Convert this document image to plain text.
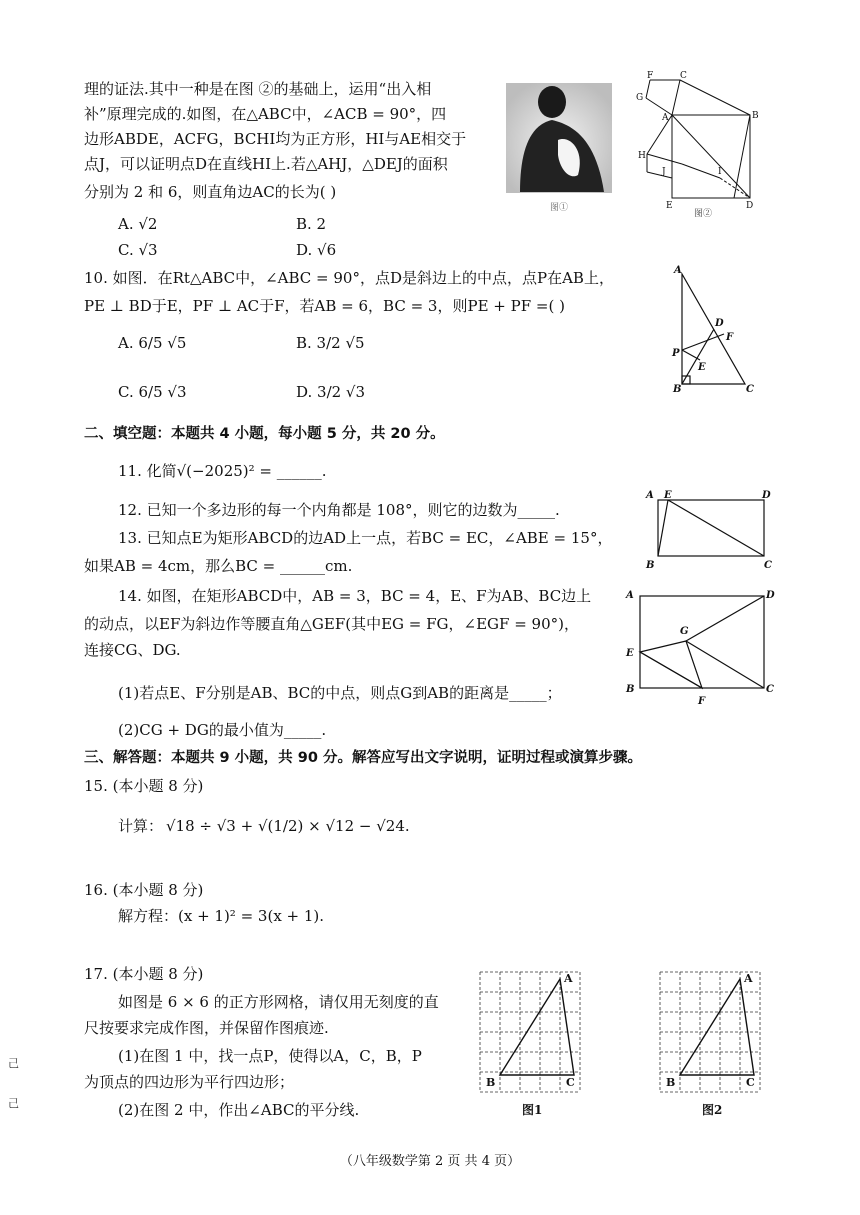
理的证法.其中一种是在图 ②的基础上，运用“出入相
补”原理完成的.如图，在△ABC中，∠ACB = 90°，四
边形ABDE，ACFG，BCHI均为正方形，HI与AE相交于
点J，可以证明点D在直线HI上.若△AHJ，△DEJ的面积
分别为 2 和 6，则直角边AC的长为( )
A. √2	B. 2
C. √3	D. √6
图①
F	C
G
A	B
H
J	I
E	D
图②
10. 如图．在Rt△ABC中，∠ABC = 90°，点D是斜边上的中点，点P在AB上，
PE ⊥ BD于E，PF ⊥ AC于F，若AB = 6，BC = 3，则PE + PF =( )
A. 6/5 √5	B. 3/2 √5
C. 6/5 √3	D. 3/2 √3
A
D
F
P
E
B	C
二、填空题：本题共 4 小题，每小题 5 分，共 20 分。
11. 化简√(−2025)² = ______.
12. 已知一个多边形的每一个内角都是 108°，则它的边数为_____.
13. 已知点E为矩形ABCD的边AD上一点，若BC = EC，∠ABE = 15°，
如果AB = 4cm，那么BC = ______cm.
A E	D
B	C
14. 如图，在矩形ABCD中，AB = 3，BC = 4，E、F为AB、BC边上
的动点，以EF为斜边作等腰直角△GEF(其中EG = FG，∠EGF = 90°)，
连接CG、DG.
(1)若点E、F分别是AB、BC的中点，则点G到AB的距离是_____；
(2)CG + DG的最小值为_____.
A	D
G
E
B
F
C
三、解答题：本题共 9 小题，共 90 分。解答应写出文字说明，证明过程或演算步骤。
15. (本小题 8 分)
计算： √18 ÷ √3 + √(1/2) × √12 − √24.
16. (本小题 8 分)
解方程：(x + 1)² = 3(x + 1).
17. (本小题 8 分)
如图是 6 × 6 的正方形网格，请仅用无刻度的直
尺按要求完成作图，并保留作图痕迹.
(1)在图 1 中，找一点P，使得以A，C，B，P
为顶点的四边形为平行四边形；
(2)在图 2 中，作出∠ABC的平分线.
A
B	C
图1
A
B	C
图2
己
己
（八年级数学第 2 页 共 4 页）
